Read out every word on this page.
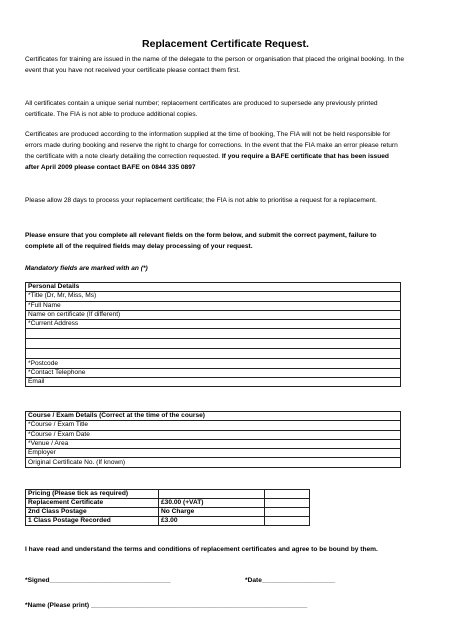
Replacement Certificate Request.

Certificates for training are issued in the name of the delegate to the person or organisation that placed the original booking. In the event that you have not received your certificate please contact them first.

All certificates contain a unique serial number; replacement certificates are produced to supersede any previously printed certificate. The FIA is not able to produce additional copies.

Certificates are produced according to the information supplied at the time of booking, The FIA will not be held responsible for errors made during booking and reserve the right to charge for corrections. In the event that the FIA make an error please return the certificate with a note clearly detailing the correction requested. If you require a BAFE certificate that has been issued after April 2009 please contact BAFE on 0844 335 0897

Please allow 28 days to process your replacement certificate; the FIA is not able to prioritise a request for a replacement.

Please ensure that you complete all relevant fields on the form below, and submit the correct payment, failure to complete all of the required fields may delay processing of your request.

Mandatory fields are marked with an (*)
Personal Details
*Title (Dr, Mr, Miss, Ms)
*Full Name
Name on certificate (If different)
*Current Address

*Postcode
*Contact Telephone
Email
Course / Exam Details (Correct at the time of the course)
*Course / Exam Title
*Course / Exam Date
*Venue / Area
Employer
Original Certificate No. (If known)
Pricing (Please tick as required)		
Replacement Certificate	£30.00 (+VAT)	
2nd Class Postage	No Charge	
1 Class Postage Recorded	£3.00	

I have read and understand the terms and conditions of replacement certificates and agree to be bound by them.

*Signed_________________________________	*Date____________________
*Name (Please print) ___________________________________________________________
